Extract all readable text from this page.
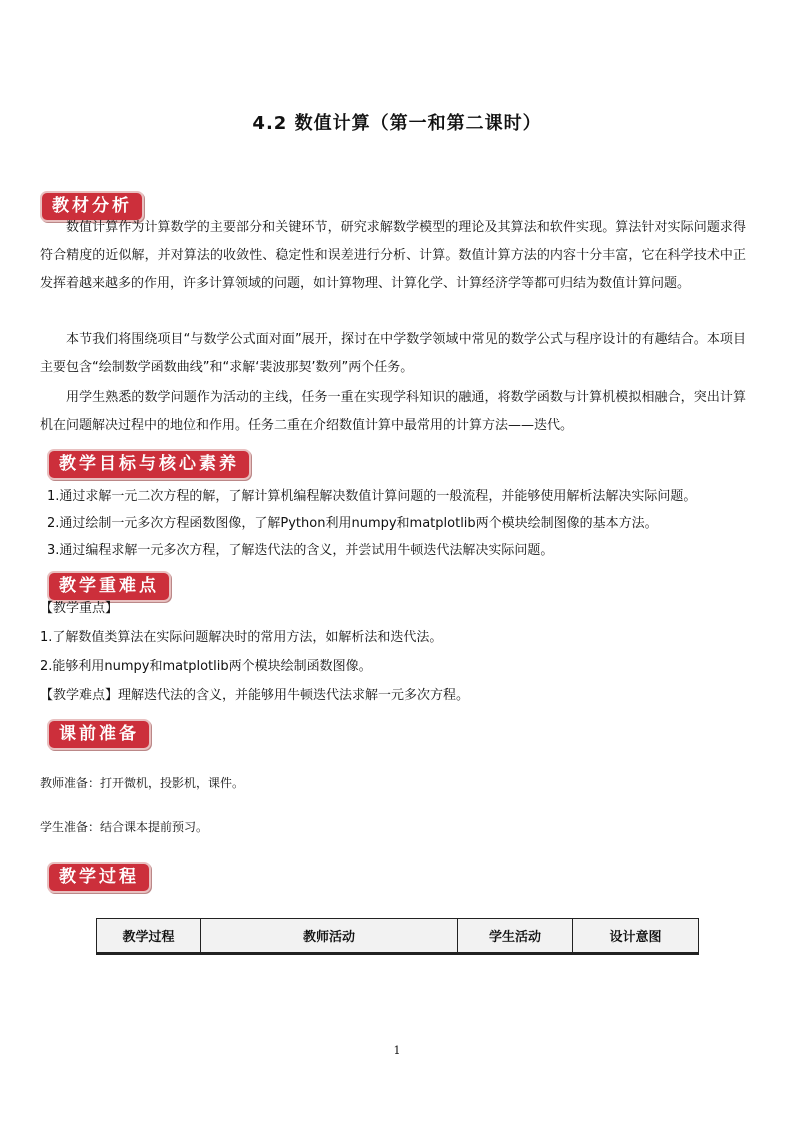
4.2 数值计算（第一和第二课时）
教材分析
数值计算作为计算数学的主要部分和关键环节，研究求解数学模型的理论及其算法和软件实现。算法针对实际问题求得符合精度的近似解，并对算法的收敛性、稳定性和误差进行分析、计算。数值计算方法的内容十分丰富，它在科学技术中正发挥着越来越多的作用，许多计算领域的问题，如计算物理、计算化学、计算经济学等都可归结为数值计算问题。
本节我们将围绕项目“与数学公式面对面”展开，探讨在中学数学领域中常见的数学公式与程序设计的有趣结合。本项目主要包含“绘制数学函数曲线”和“求解‘裴波那契’数列”两个任务。
用学生熟悉的数学问题作为活动的主线，任务一重在实现学科知识的融通，将数学函数与计算机模拟相融合，突出计算机在问题解决过程中的地位和作用。任务二重在介绍数值计算中最常用的计算方法——迭代。
教学目标与核心素养
1.通过求解一元二次方程的解，了解计算机编程解决数值计算问题的一般流程，并能够使用解析法解决实际问题。
2.通过绘制一元多次方程函数图像，了解Python利用numpy和matplotlib两个模块绘制图像的基本方法。
3.通过编程求解一元多次方程，了解迭代法的含义，并尝试用牛顿迭代法解决实际问题。
教学重难点
【教学重点】
1.了解数值类算法在实际问题解决时的常用方法，如解析法和迭代法。
2.能够利用numpy和matplotlib两个模块绘制函数图像。
【教学难点】理解迭代法的含义，并能够用牛顿迭代法求解一元多次方程。
课前准备
教师准备：打开微机，投影机，课件。
学生准备：结合课本提前预习。
教学过程
教学过程	教师活动	学生活动	设计意图
1
